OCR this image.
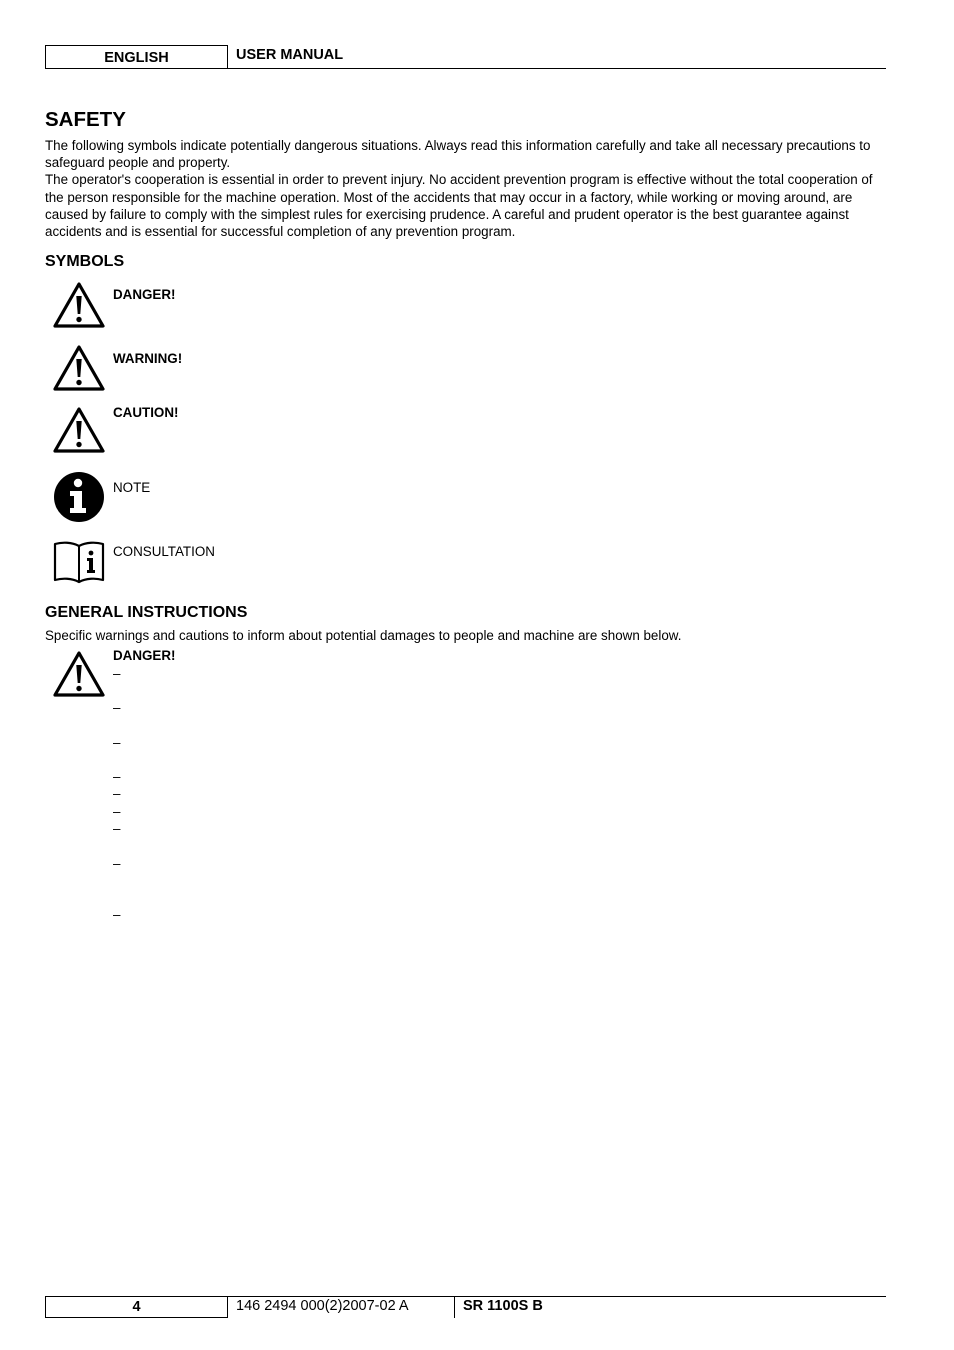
ENGLISH	USER MANUAL
SAFETY

The following symbols indicate potentially dangerous situations. Always read this information carefully and take all necessary precautions to safeguard people and property.

The operator's cooperation is essential in order to prevent injury. No accident prevention program is effective without the total cooperation of the person responsible for the machine operation. Most of the accidents that may occur in a factory, while working or moving around, are caused by failure to comply with the simplest rules for exercising prudence. A careful and prudent operator is the best guarantee against accidents and is essential for successful completion of any prevention program.

SYMBOLS
DANGER!
WARNING!
CAUTION!
NOTE
CONSULTATION
GENERAL INSTRUCTIONS

Specific warnings and cautions to inform about potential damages to people and machine are shown below.

DANGER!
–
–
–
–
–
–
–
–
–
4	146 2494 000(2)2007-02 A	SR 1100S B
